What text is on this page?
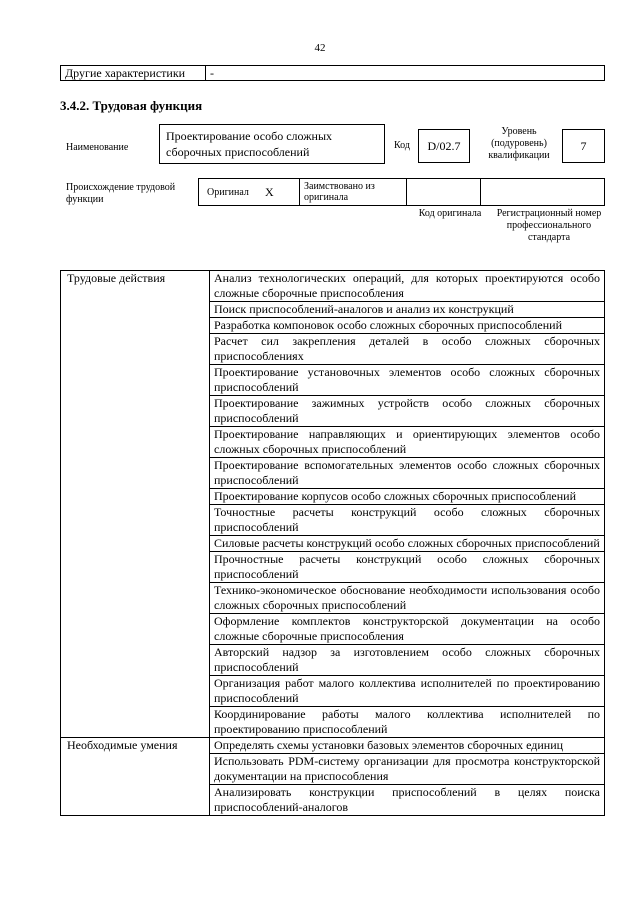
42
Другие характеристики	-
3.4.2. Трудовая функция
Наименование
Проектирование особо сложных сборочных приспособлений	Код	D/02.7
Уровень (подуровень) квалификации
7
Происхождение трудовой функции
Оригинал	X	Заимствовано из оригинала		
Код оригинала	Регистрационный номер профессионального стандарта
Трудовые действия	Анализ технологических операций, для которых проектируются особо сложные сборочные приспособления
	Поиск приспособлений-аналогов и анализ их конструкций
	Разработка компоновок особо сложных сборочных приспособлений
	Расчет сил закрепления деталей в особо сложных сборочных приспособлениях
	Проектирование установочных элементов особо сложных сборочных приспособлений
	Проектирование зажимных устройств особо сложных сборочных приспособлений
	Проектирование направляющих и ориентирующих элементов особо сложных сборочных приспособлений
	Проектирование вспомогательных элементов особо сложных сборочных приспособлений
	Проектирование корпусов особо сложных сборочных приспособлений
	Точностные расчеты конструкций особо сложных сборочных приспособлений
	Силовые расчеты конструкций особо сложных сборочных приспособлений
	Прочностные расчеты конструкций особо сложных сборочных приспособлений
	Технико-экономическое обоснование необходимости использования особо сложных сборочных приспособлений
	Оформление комплектов конструкторской документации на особо сложные сборочные приспособления
	Авторский надзор за изготовлением особо сложных сборочных приспособлений
	Организация работ малого коллектива исполнителей по проектированию приспособлений
	Координирование работы малого коллектива исполнителей по проектированию приспособлений
Необходимые умения	Определять схемы установки базовых элементов сборочных единиц
	Использовать PDM-систему организации для просмотра конструкторской документации на приспособления
	Анализировать конструкции приспособлений в целях поиска приспособлений-аналогов
